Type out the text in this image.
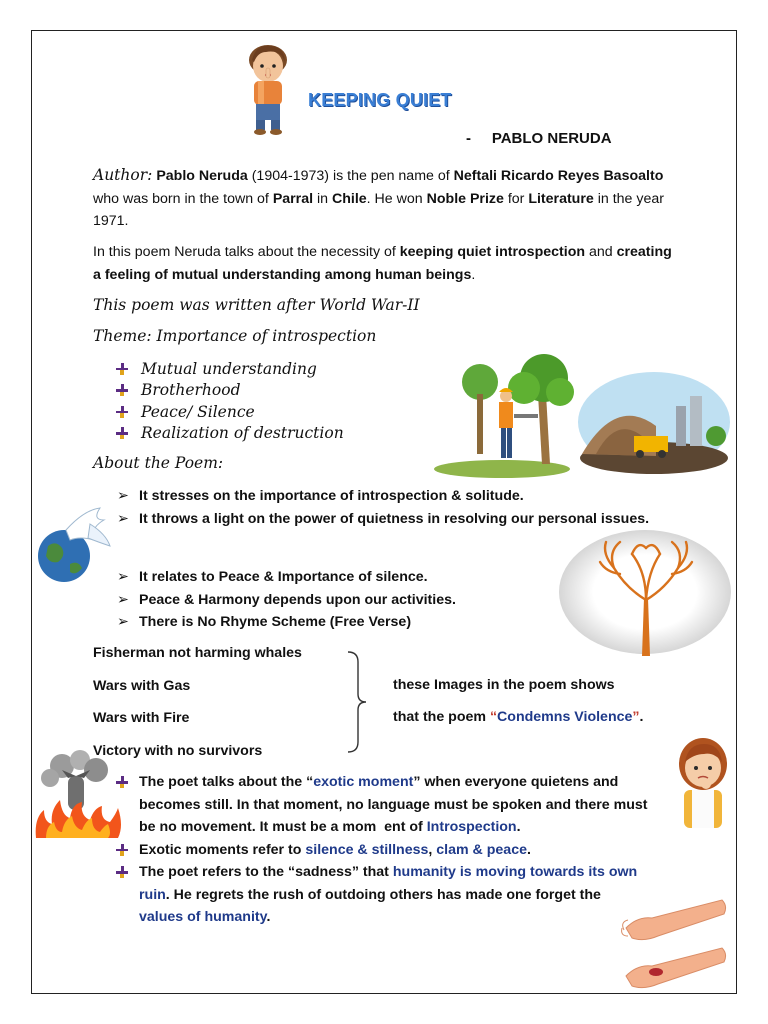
KEEPING QUIET
-     PABLO NERUDA
Author: Pablo Neruda (1904-1973) is the pen name of Neftali Ricardo Reyes Basoalto who was born in the town of Parral in Chile. He won Noble Prize for Literature in the year 1971.
In this poem Neruda talks about the necessity of keeping quiet introspection and creating a feeling of mutual understanding among human beings.
This poem was written after World War-II
Theme: Importance of introspection
Mutual understanding
Brotherhood
Peace/ Silence
Realization of destruction
About the Poem:
➢ It stresses on the importance of introspection & solitude.
➢ It throws a light on the power of quietness in resolving our personal issues.
➢ It relates to Peace & Importance of silence.
➢ Peace & Harmony depends upon our activities.
➢ There is No Rhyme Scheme (Free Verse)
Fisherman not harming whales
Wars with Gas
Wars with Fire
Victory with no survivors
these Images in the poem shows
that the poem “Condemns Violence”.
The poet talks about the “exotic moment” when everyone quietens and becomes still. In that moment, no language must be spoken and there must be no movement. It must be a mom  ent of Introspection.
Exotic moments refer to silence & stillness, clam & peace.
The poet refers to the “sadness” that humanity is moving towards its own ruin. He regrets the rush of outdoing others has made one forget the values of humanity.
